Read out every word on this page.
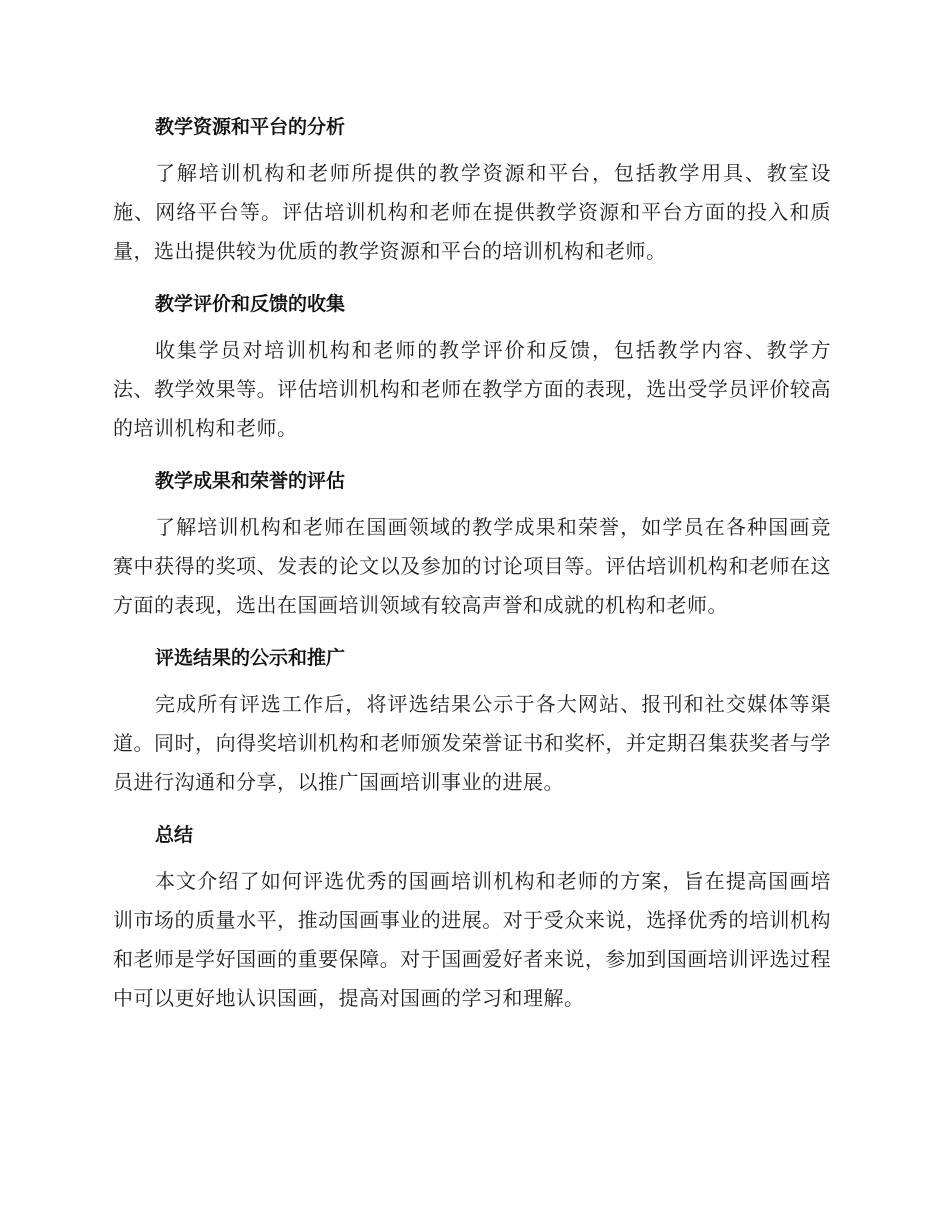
教学资源和平台的分析

了解培训机构和老师所提供的教学资源和平台，包括教学用具、教室设施、网络平台等。评估培训机构和老师在提供教学资源和平台方面的投入和质量，选出提供较为优质的教学资源和平台的培训机构和老师。

教学评价和反馈的收集

收集学员对培训机构和老师的教学评价和反馈，包括教学内容、教学方法、教学效果等。评估培训机构和老师在教学方面的表现，选出受学员评价较高的培训机构和老师。

教学成果和荣誉的评估

了解培训机构和老师在国画领域的教学成果和荣誉，如学员在各种国画竞赛中获得的奖项、发表的论文以及参加的讨论项目等。评估培训机构和老师在这方面的表现，选出在国画培训领域有较高声誉和成就的机构和老师。

评选结果的公示和推广

完成所有评选工作后，将评选结果公示于各大网站、报刊和社交媒体等渠道。同时，向得奖培训机构和老师颁发荣誉证书和奖杯，并定期召集获奖者与学员进行沟通和分享，以推广国画培训事业的进展。

总结

本文介绍了如何评选优秀的国画培训机构和老师的方案，旨在提高国画培训市场的质量水平，推动国画事业的进展。对于受众来说，选择优秀的培训机构和老师是学好国画的重要保障。对于国画爱好者来说，参加到国画培训评选过程中可以更好地认识国画，提高对国画的学习和理解。
